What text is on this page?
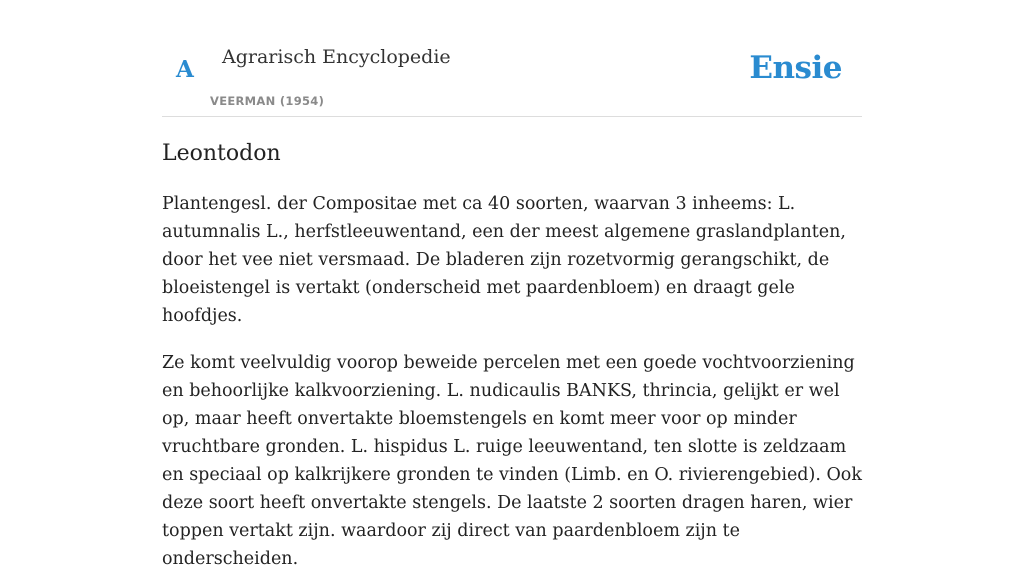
A Agrarisch Encyclopedie
VEERMAN (1954)
Ensie
Leontodon

Plantengesl. der Compositae met ca 40 soorten, waarvan 3 inheems: L. autumnalis L., herfstleeuwentand, een der meest algemene graslandplanten, door het vee niet versmaad. De bladeren zijn rozetvormig gerangschikt, de bloeistengel is vertakt (onderscheid met paardenbloem) en draagt gele hoofdjes.

Ze komt veelvuldig voorop beweide percelen met een goede vochtvoorziening en behoorlijke kalkvoorziening. L. nudicaulis BANKS, thrincia, gelijkt er wel op, maar heeft onvertakte bloemstengels en komt meer voor op minder vruchtbare gronden. L. hispidus L. ruige leeuwentand, ten slotte is zeldzaam en speciaal op kalkrijkere gronden te vinden (Limb. en O. rivierengebied). Ook deze soort heeft onvertakte stengels. De laatste 2 soorten dragen haren, wier toppen vertakt zijn. waardoor zij direct van paardenbloem zijn te onderscheiden.
